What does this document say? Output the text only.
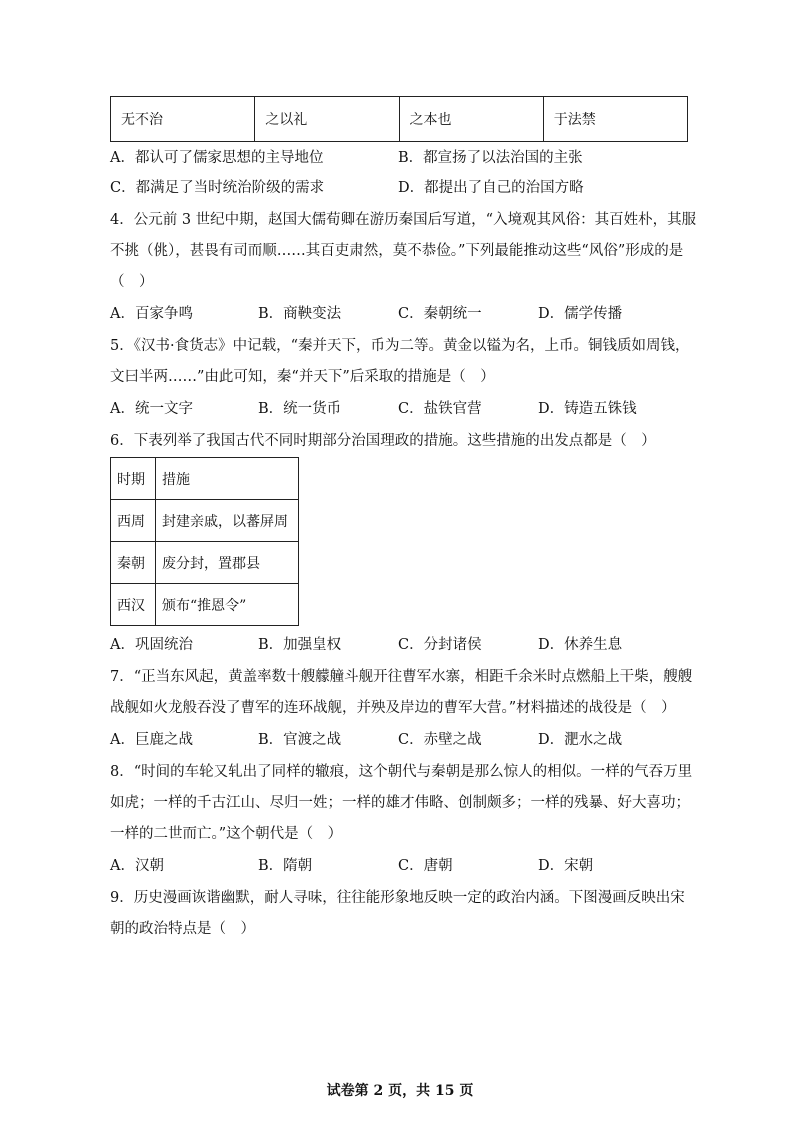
无不治	之以礼	之本也	于法禁
A．都认可了儒家思想的主导地位	B．都宣扬了以法治国的主张
C．都满足了当时统治阶级的需求	D．都提出了自己的治国方略
4．公元前 3 世纪中期，赵国大儒荀卿在游历秦国后写道，“入境观其风俗：其百姓朴，其服
不挑（佻），甚畏有司而顺……其百吏肃然，莫不恭俭。”下列最能推动这些“风俗”形成的是
（　）
A．百家争鸣	B．商鞅变法	C．秦朝统一	D．儒学传播
5．《汉书·食货志》中记载，“秦并天下，币为二等。黄金以镒为名，上币。铜钱质如周钱，
文曰半两……”由此可知，秦“并天下”后采取的措施是（　）
A．统一文字	B．统一货币	C．盐铁官营	D．铸造五铢钱
6．下表列举了我国古代不同时期部分治国理政的措施。这些措施的出发点都是（　）
时期	措施
西周	封建亲戚，以蕃屏周
秦朝	废分封，置郡县
西汉	颁布“推恩令”
A．巩固统治	B．加强皇权	C．分封诸侯	D．休养生息
7．“正当东风起，黄盖率数十艘艨艟斗舰开往曹军水寨，相距千余米时点燃船上干柴，艘艘
战舰如火龙般吞没了曹军的连环战舰，并殃及岸边的曹军大营。”材料描述的战役是（　）
A．巨鹿之战	B．官渡之战	C．赤壁之战	D．淝水之战
8．“时间的车轮又轧出了同样的辙痕，这个朝代与秦朝是那么惊人的相似。一样的气吞万里
如虎；一样的千古江山、尽归一姓；一样的雄才伟略、创制颇多；一样的残暴、好大喜功；
一样的二世而亡。”这个朝代是（　）
A．汉朝	B．隋朝	C．唐朝	D．宋朝
9．历史漫画诙谐幽默，耐人寻味，往往能形象地反映一定的政治内涵。下图漫画反映出宋
朝的政治特点是（　）
试卷第 2 页，共 15 页
